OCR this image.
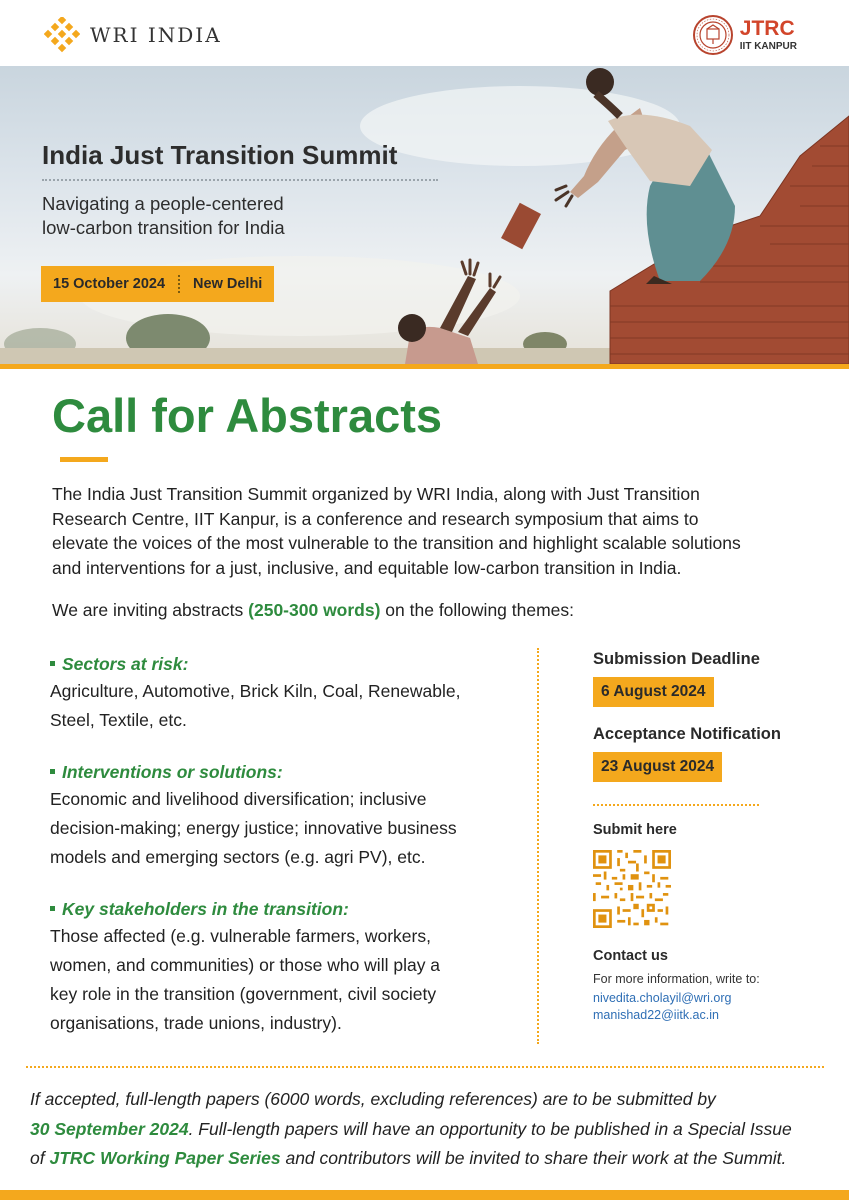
WRI INDIA	JTRC
IIT KANPUR
India Just Transition Summit
Navigating a people-centered
low-carbon transition for India
15 October 2024 New Delhi
Call for Abstracts
The India Just Transition Summit organized by WRI India, along with Just Transition
Research Centre, IIT Kanpur, is a conference and research symposium that aims to
elevate the voices of the most vulnerable to the transition and highlight scalable solutions
and interventions for a just, inclusive, and equitable low-carbon transition in India.
We are inviting abstracts (250-300 words) on the following themes:
Sectors at risk:
Agriculture, Automotive, Brick Kiln, Coal, Renewable,
Steel, Textile, etc.
Interventions or solutions:
Economic and livelihood diversification; inclusive
decision-making; energy justice; innovative business
models and emerging sectors (e.g. agri PV), etc.
Key stakeholders in the transition:
Those affected (e.g. vulnerable farmers, workers,
women, and communities) or those who will play a
key role in the transition (government, civil society
organisations, trade unions, industry).
Submission Deadline
6 August 2024
Acceptance Notification
23 August 2024
Submit here
Contact us
For more information, write to:
nivedita.cholayil@wri.org
manishad22@iitk.ac.in
If accepted, full-length papers (6000 words, excluding references) are to be submitted by
30 September 2024. Full-length papers will have an opportunity to be published in a Special Issue
of JTRC Working Paper Series and contributors will be invited to share their work at the Summit.
